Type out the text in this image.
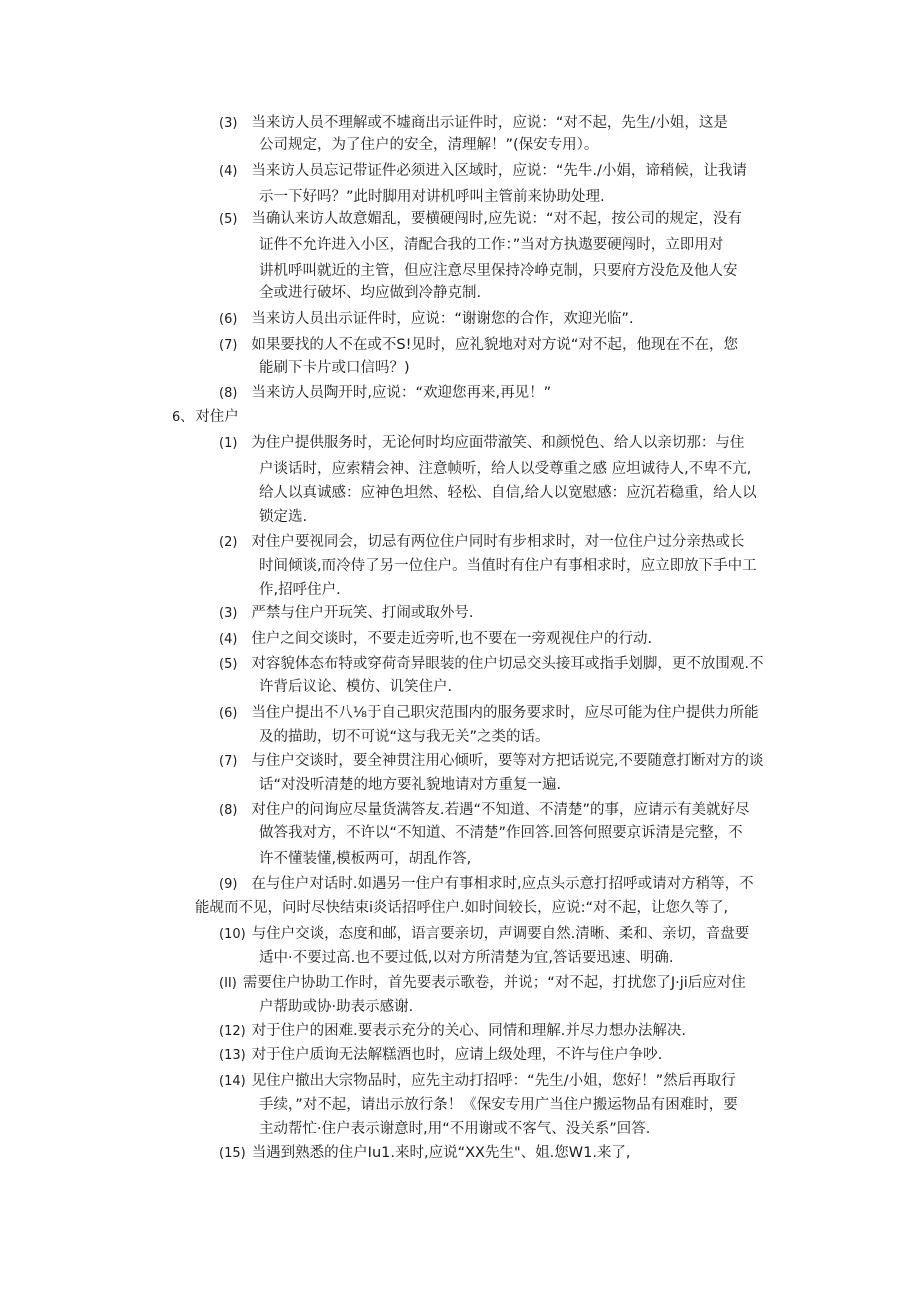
(3) 当来访人员不理解或不墟商出示证件时，应说：“对不起，先生/小姐，这是
公司规定，为了住户的安全，清理解！”(保安专用）。
(4) 当来访人员忘记带证件必须进入区域时，应说：“先牛./小娟，谛稍候，让我请
示一下好吗？”此时脚用对讲机呼叫主管前来协助处理.
(5) 当确认来访人故意媚乱，要横硬闯时,应先说：“对不起，按公司的规定，没有
证件不允许进入小区，清配合我的工作：”当对方执遨要硬闯时，立即用对
讲机呼叫就近的主管，但应注意尽里保持冷峥克制，只要府方没危及他人安
全或进行破坏、均应做到冷静克制.
(6) 当来访人员出示证件时，应说：“谢谢您的合作，欢迎光临”.
(7) 如果要找的人不在或不S!见时，应礼貌地对对方说“对不起，他现在不在，您
能刷下卡片或口信吗？)
(8) 当来访人员陶开时,应说：“欢迎您再来,再见！”
6、 对住户
(1) 为住户提供服务时，无论何时均应面带澈笑、和颜悦色、给人以亲切那：与住
户谈话时，应索精会神、注意帧听，给人以受尊重之感 应坦诚待人,不卑不亢,
给人以真诚感：应神色坦然、轻松、自信,给人以宽慰感：应沉若稳重，给人以
锁定选.
(2) 对住户要视同会，切忌有两位住户同时有步相求时，对一位住户过分亲热或长
时间倾谈,而冷侍了另一位住户。当值时有住户有事相求时，应立即放下手中工
作,招呼住户.
(3) 严禁与住户开玩笑、打闹或取外号.
(4) 住户之间交谈时，不要走近旁听,也不要在一旁观视住户的行动.
(5) 对容貌体态布特或穿荷奇异眼装的住户切忌交头接耳或指手划脚，更不放围观.不
许背后议论、模仿、讥笑住户.
(6) 当住户提出不八⅛于自己职灾范围内的服务要求时，应尽可能为住户提供力所能
及的描助，切不可说“这与我无关”之类的话。
(7) 与住户交谈时，要全神贯注用心倾听，要等对方把话说完,不要随意打断对方的谈
话“对没听清楚的地方要礼貌地请对方重复一遍.
(8) 对住户的问询应尽量货满答友.若遇“不知道、不清楚”的事，应请示有美就好尽
做答我对方，不许以“不知道、不清楚”作回答.回答何照要京诉清是完整，不
许不懂装懂,模板两可，胡乱作答,
(9) 在与住户对话时.如遇另一住户有事相求时,应点头示意打招呼或请对方稍等，不
能觇而不见，问时尽快结束i炎话招呼住户.如时间较长，应说:“对不起，让您久等了,
(10) 与住户交谈，态度和邮，语言要亲切，声调要自然.清晰、柔和、亲切，音盘要
适中·不要过高.也不要过低,以对方所清楚为宜,答话要迅速、明确.
(II) 需要住户协助工作时，首先要表示歌卷，并说；“对不起，打扰您了J·ji后应对住
户帮助或协·助表示感谢.
(12) 对于住户的困难.要表示充分的关心、同情和理解.并尽力想办法解决.
(13) 对于住户质询无法解糕酒也时，应请上级处理，不许与住户争吵.
(14) 见住户撤出大宗物品时，应先主动打招呼：“先生/小姐，您好！”然后再取行
手续，”对不起，请出示放行条！《保安专用广当住户搬运物品有困难时，要
主动帮忙·住户表示谢意时,用“不用谢或不客气、没关系”回答.
(15) 当遇到熟悉的住户Iu1.来时,应说“XX先生"、姐.您W1.来了,
